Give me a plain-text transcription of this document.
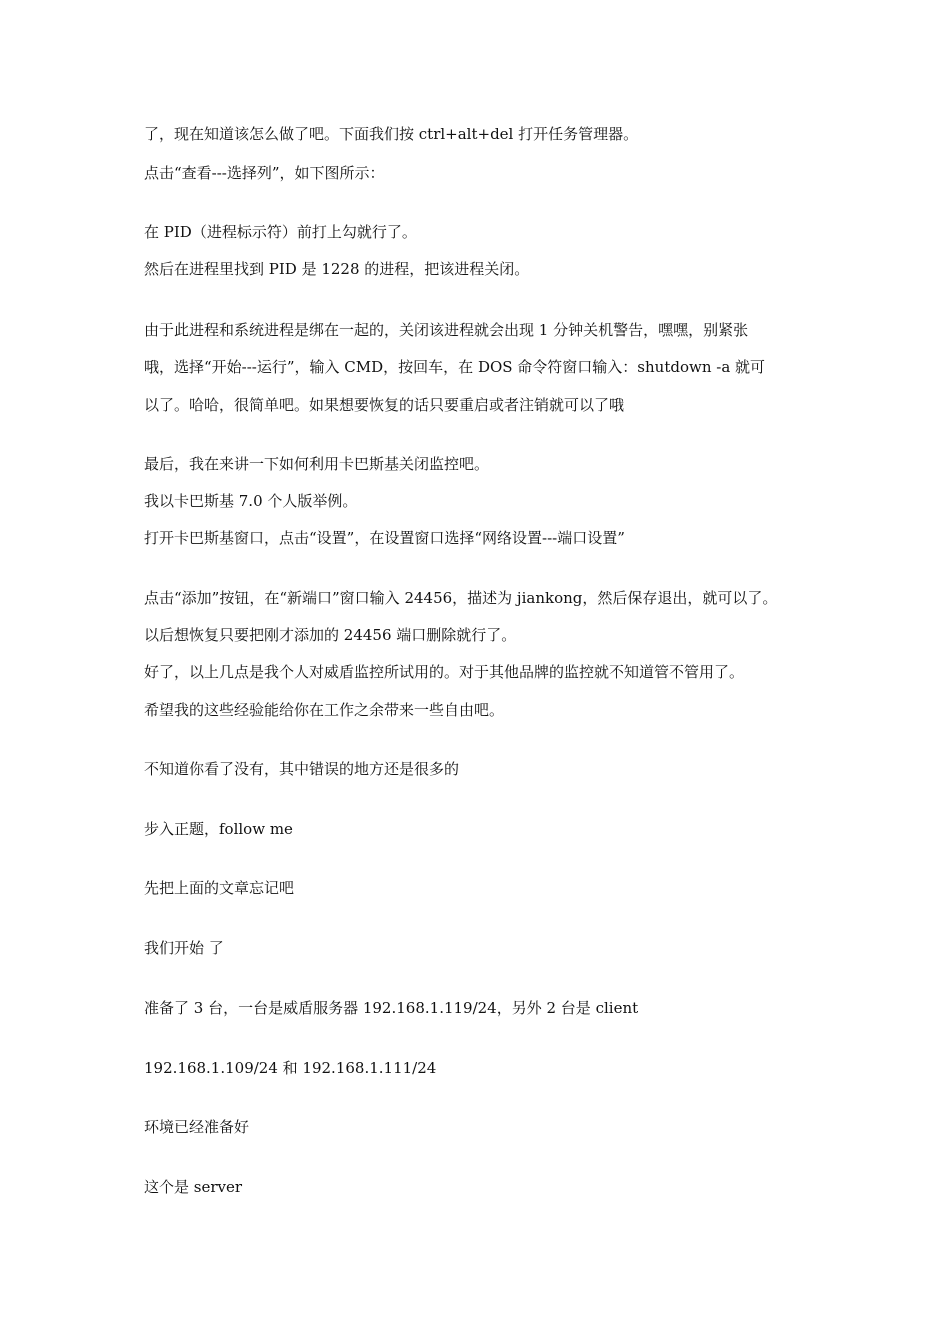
了，现在知道该怎么做了吧。下面我们按 ctrl+alt+del 打开任务管理器。
点击“查看---选择列”，如下图所示：
在 PID（进程标示符）前打上勾就行了。
然后在进程里找到 PID 是 1228 的进程，把该进程关闭。
由于此进程和系统进程是绑在一起的，关闭该进程就会出现 1 分钟关机警告，嘿嘿，别紧张
哦，选择“开始---运行”，输入 CMD，按回车，在 DOS 命令符窗口输入：shutdown -a 就可
以了。哈哈，很简单吧。如果想要恢复的话只要重启或者注销就可以了哦
最后，我在来讲一下如何利用卡巴斯基关闭监控吧。
我以卡巴斯基 7.0 个人版举例。
打开卡巴斯基窗口，点击“设置”，在设置窗口选择“网络设置---端口设置”
点击“添加”按钮，在“新端口”窗口输入 24456，描述为 jiankong，然后保存退出，就可以了。
以后想恢复只要把刚才添加的 24456 端口删除就行了。
好了，以上几点是我个人对威盾监控所试用的。对于其他品牌的监控就不知道管不管用了。
希望我的这些经验能给你在工作之余带来一些自由吧。
不知道你看了没有，其中错误的地方还是很多的
步入正题，follow me
先把上面的文章忘记吧
我们开始 了
准备了 3 台，一台是威盾服务器 192.168.1.119/24，另外 2 台是 client
192.168.1.109/24 和 192.168.1.111/24
环境已经准备好
这个是 server
